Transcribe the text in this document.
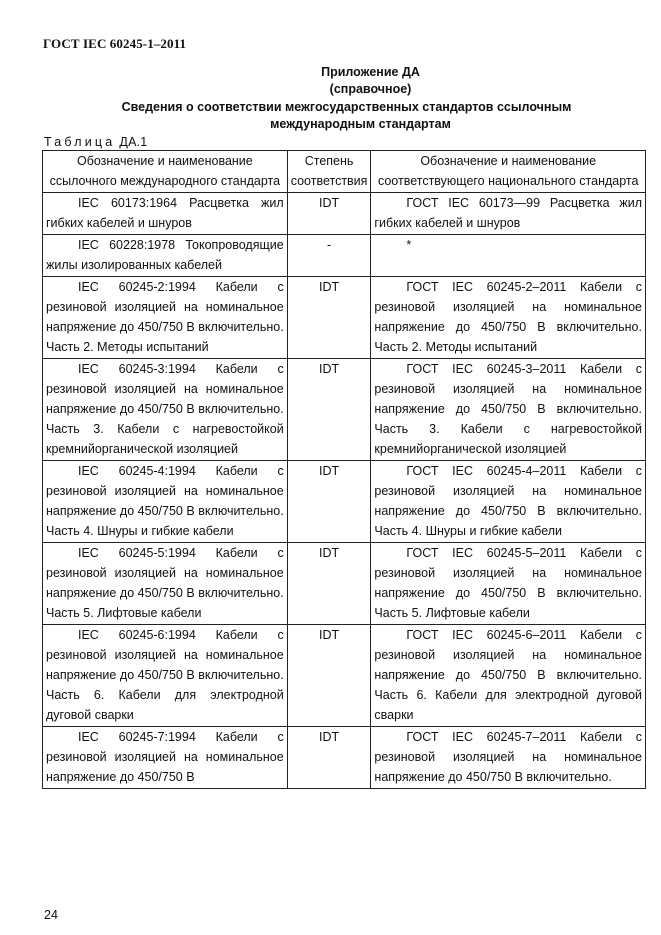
ГОСТ IEC 60245-1–2011
Приложение ДА
(справочное)
Сведения о соответствии межгосударственных стандартов ссылочным
международным стандартам
Таблица ДА.1
Обозначение и наименование ссылочного международного стандарта	Степень соответствия	Обозначение и наименование соответствующего национального стандарта

IEC 60173:1964 Расцветка жил гибких кабелей и шнуров	IDT	ГОСТ IEC 60173—99 Расцветка жил гибких кабелей и шнуров

IEC 60228:1978 Токопроводящие жилы изолированных кабелей	-	*

IEC 60245-2:1994 Кабели с резиновой изоляцией на номинальное напряжение до 450/750 В включительно. Часть 2. Методы испытаний	IDT	ГОСТ IEC 60245-2–2011 Кабели с резиновой изоляцией на номинальное напряжение до 450/750 В включительно. Часть 2. Методы испытаний

IEC 60245-3:1994 Кабели с резиновой изоляцией на номинальное напряжение до 450/750 В включительно. Часть 3. Кабели с нагревостойкой кремнийорганической изоляцией	IDT	ГОСТ IEC 60245-3–2011 Кабели с резиновой изоляцией на номинальное напряжение до 450/750 В включительно. Часть 3. Кабели с нагревостойкой кремнийорганической изоляцией

IEC 60245-4:1994 Кабели с резиновой изоляцией на номинальное напряжение до 450/750 В включительно. Часть 4. Шнуры и гибкие кабели	IDT	ГОСТ IEC 60245-4–2011 Кабели с резиновой изоляцией на номинальное напряжение до 450/750 В включительно. Часть 4. Шнуры и гибкие кабели

IEC 60245-5:1994 Кабели с резиновой изоляцией на номинальное напряжение до 450/750 В включительно. Часть 5. Лифтовые кабели	IDT	ГОСТ IEC 60245-5–2011 Кабели с резиновой изоляцией на номинальное напряжение до 450/750 В включительно. Часть 5. Лифтовые кабели

IEC 60245-6:1994 Кабели с резиновой изоляцией на номинальное напряжение до 450/750 В включительно. Часть 6. Кабели для электродной дуговой сварки	IDT	ГОСТ IEC 60245-6–2011 Кабели с резиновой изоляцией на номинальное напряжение до 450/750 В включительно. Часть 6. Кабели для электродной дуговой сварки

IEC 60245-7:1994 Кабели с резиновой изоляцией на номинальное напряжение до 450/750 В	IDT	ГОСТ IEC 60245-7–2011 Кабели с резиновой изоляцией на номинальное напряжение до 450/750 В включительно.
24
